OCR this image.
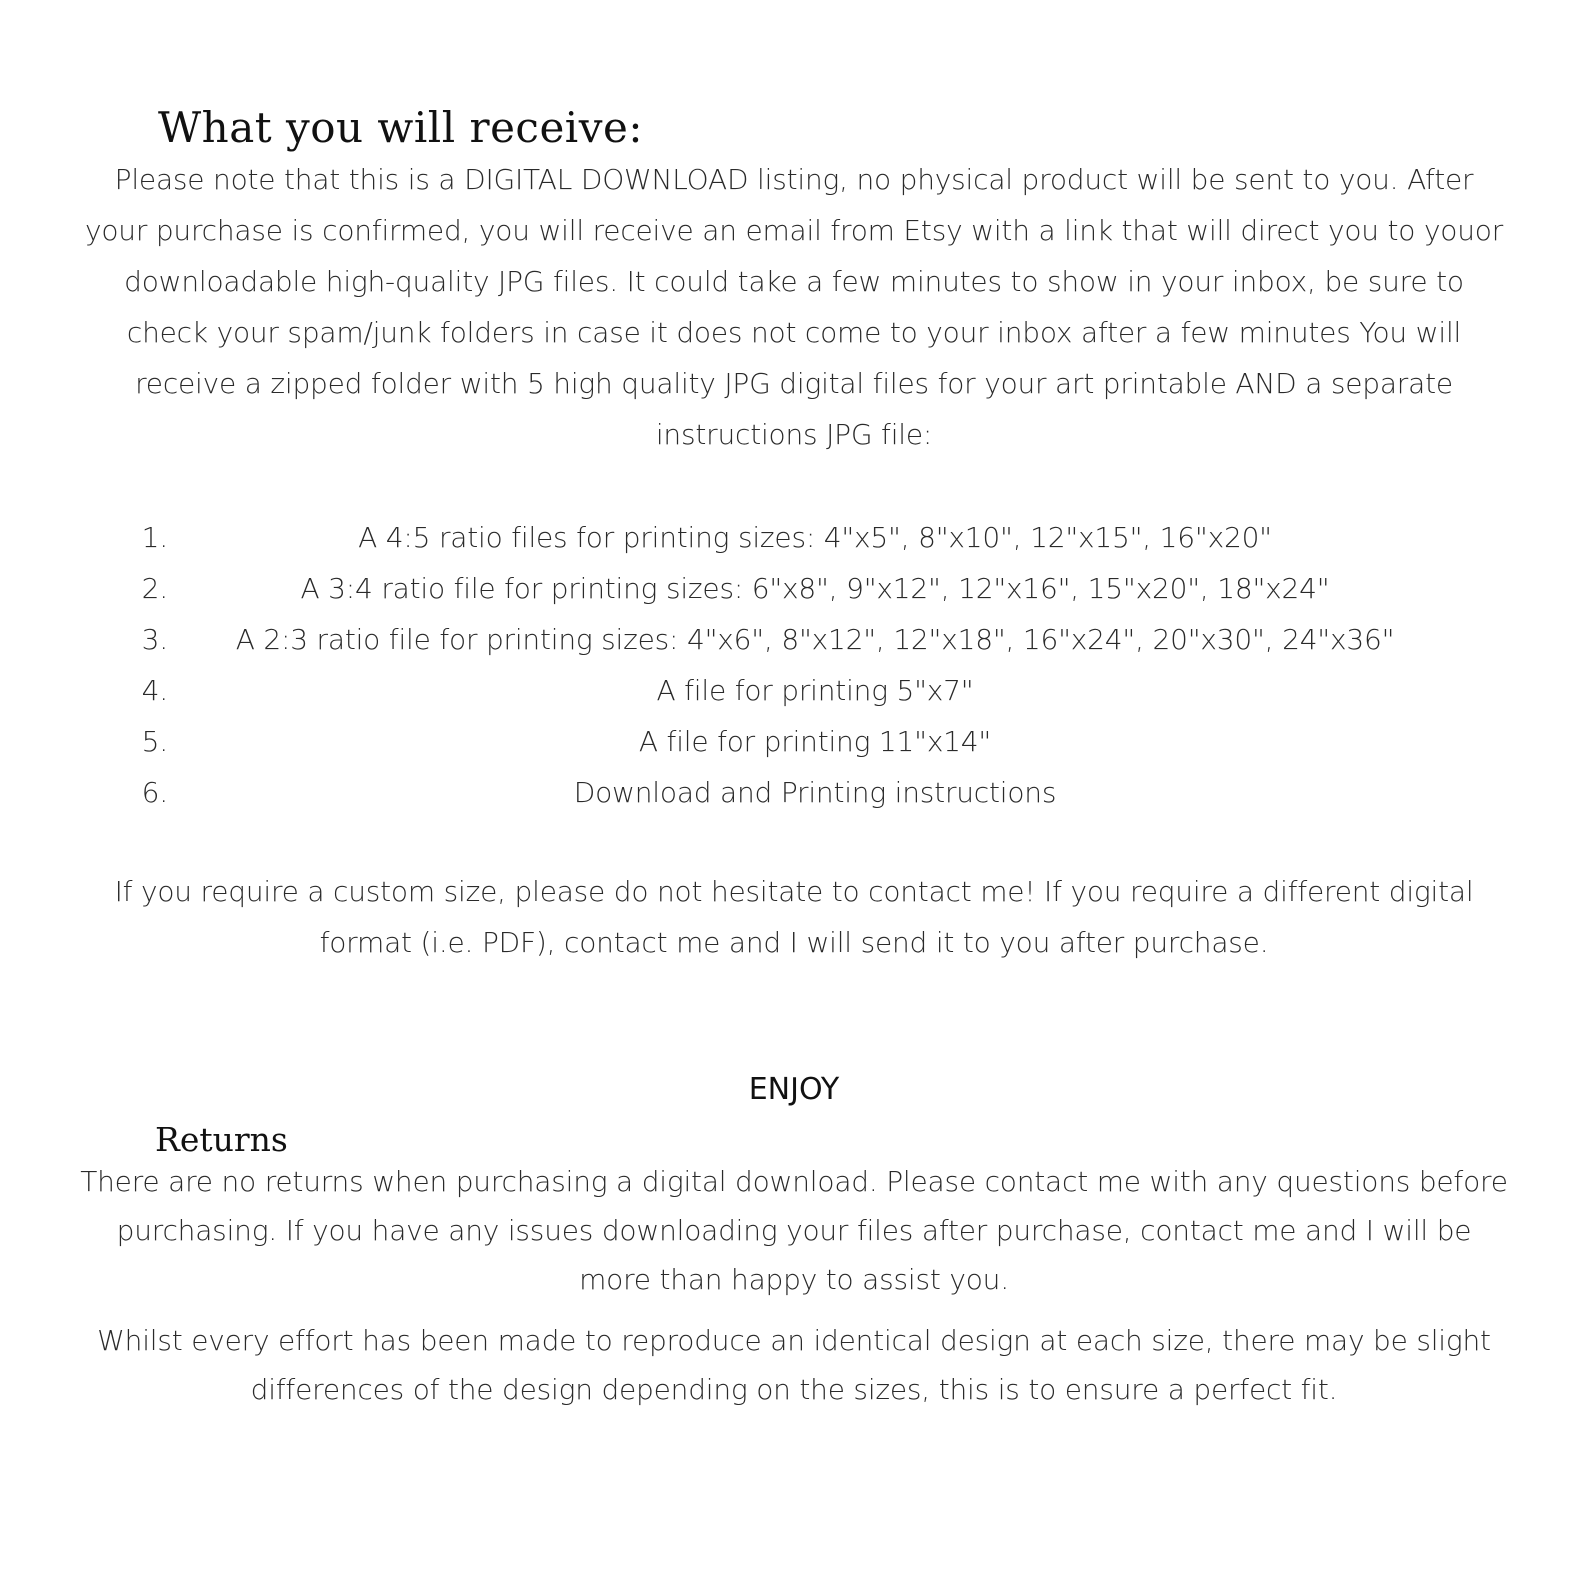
What you will receive:

Please note that this is a DIGITAL DOWNLOAD listing, no physical product will be sent to you. After your purchase is confirmed, you will receive an email from Etsy with a link that will direct you to youor downloadable high-quality JPG files. It could take a few minutes to show in your inbox, be sure to check your spam/junk folders in case it does not come to your inbox after a few minutes You will receive a zipped folder with 5 high quality JPG digital files for your art printable AND a separate instructions JPG file:

1.	A 4:5 ratio files for printing sizes: 4"x5", 8"x10", 12"x15", 16"x20"
2.	A 3:4 ratio file for printing sizes: 6"x8", 9"x12", 12"x16", 15"x20", 18"x24"
3.	A 2:3 ratio file for printing sizes: 4"x6", 8"x12", 12"x18", 16"x24", 20"x30", 24"x36"
4.	A file for printing 5"x7"
5.	A file for printing 11"x14"
6.	Download and Printing instructions

If you require a custom size, please do not hesitate to contact me! If you require a different digital format (i.e. PDF), contact me and I will send it to you after purchase.

ENJOY

Returns

There are no returns when purchasing a digital download. Please contact me with any questions before purchasing. If you have any issues downloading your files after purchase, contact me and I will be more than happy to assist you.

Whilst every effort has been made to reproduce an identical design at each size, there may be slight differences of the design depending on the sizes, this is to ensure a perfect fit.
